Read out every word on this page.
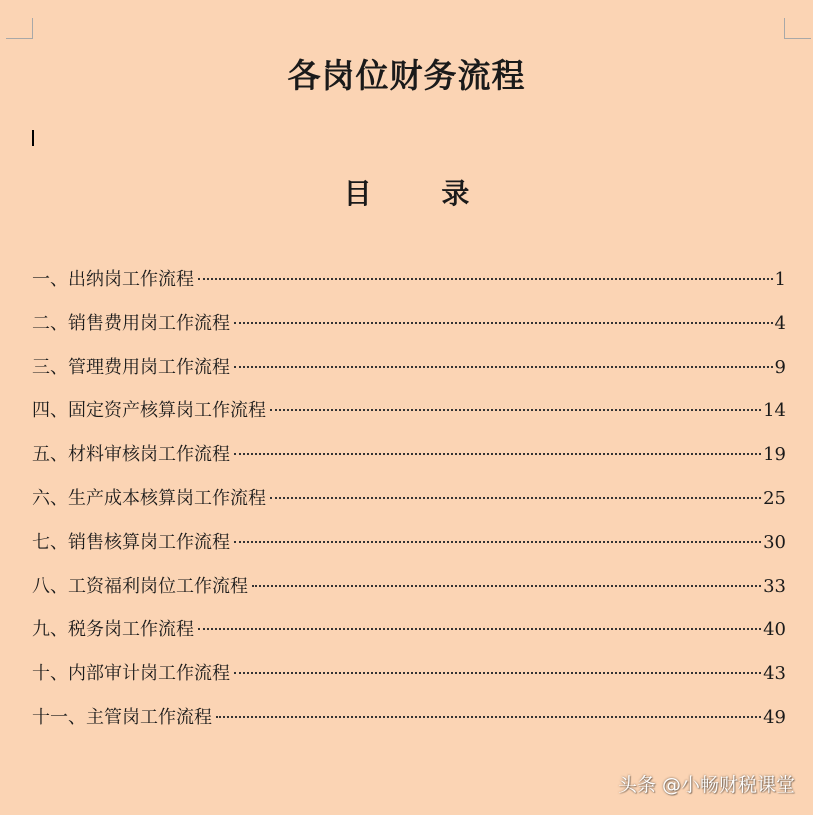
各岗位财务流程
目 录
一、出纳岗工作流程	1
二、销售费用岗工作流程	4
三、管理费用岗工作流程	9
四、固定资产核算岗工作流程	14
五、材料审核岗工作流程	19
六、生产成本核算岗工作流程	25
七、销售核算岗工作流程	30
八、工资福利岗位工作流程	33
九、税务岗工作流程	40
十、内部审计岗工作流程	43
十一、主管岗工作流程	49
头条 @小畅财税课堂
